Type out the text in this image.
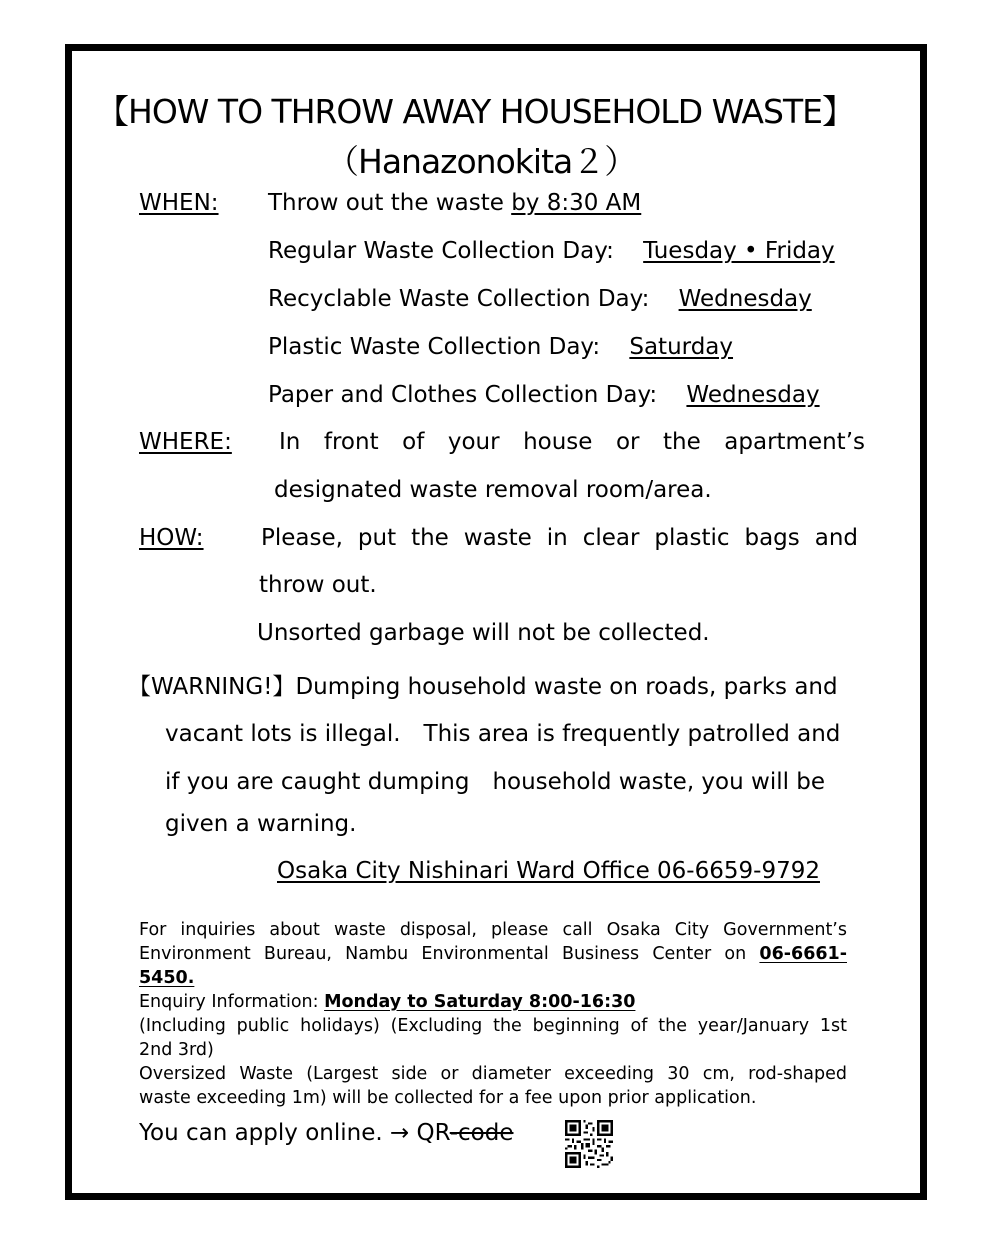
【HOW TO THROW AWAY HOUSEHOLD WASTE】
（Hanazonokita２）
WHEN: Throw out the waste by 8:30 AM
Regular Waste Collection Day: Tuesday • Friday
Recyclable Waste Collection Day: Wednesday
Plastic Waste Collection Day: Saturday
Paper and Clothes Collection Day: Wednesday
WHERE: In front of your house or the apartment’s
designated waste removal room/area.
HOW: Please, put the waste in clear plastic bags and
throw out.
Unsorted garbage will not be collected.
【WARNING!】Dumping household waste on roads, parks and
vacant lots is illegal.　This area is frequently patrolled and
if you are caught dumping　household waste, you will be
given a warning.
Osaka City Nishinari Ward Office 06-6659-9792
For inquiries about waste disposal, please call Osaka City Government’s
Environment Bureau, Nambu Environmental Business Center on 06-6661-
5450.
Enquiry Information: Monday to Saturday 8:00-16:30
(Including public holidays) (Excluding the beginning of the year/January 1st
2nd 3rd)
Oversized Waste (Largest side or diameter exceeding 30 cm, rod-shaped
waste exceeding 1m) will be collected for a fee upon prior application.
You can apply online. → QR-code
